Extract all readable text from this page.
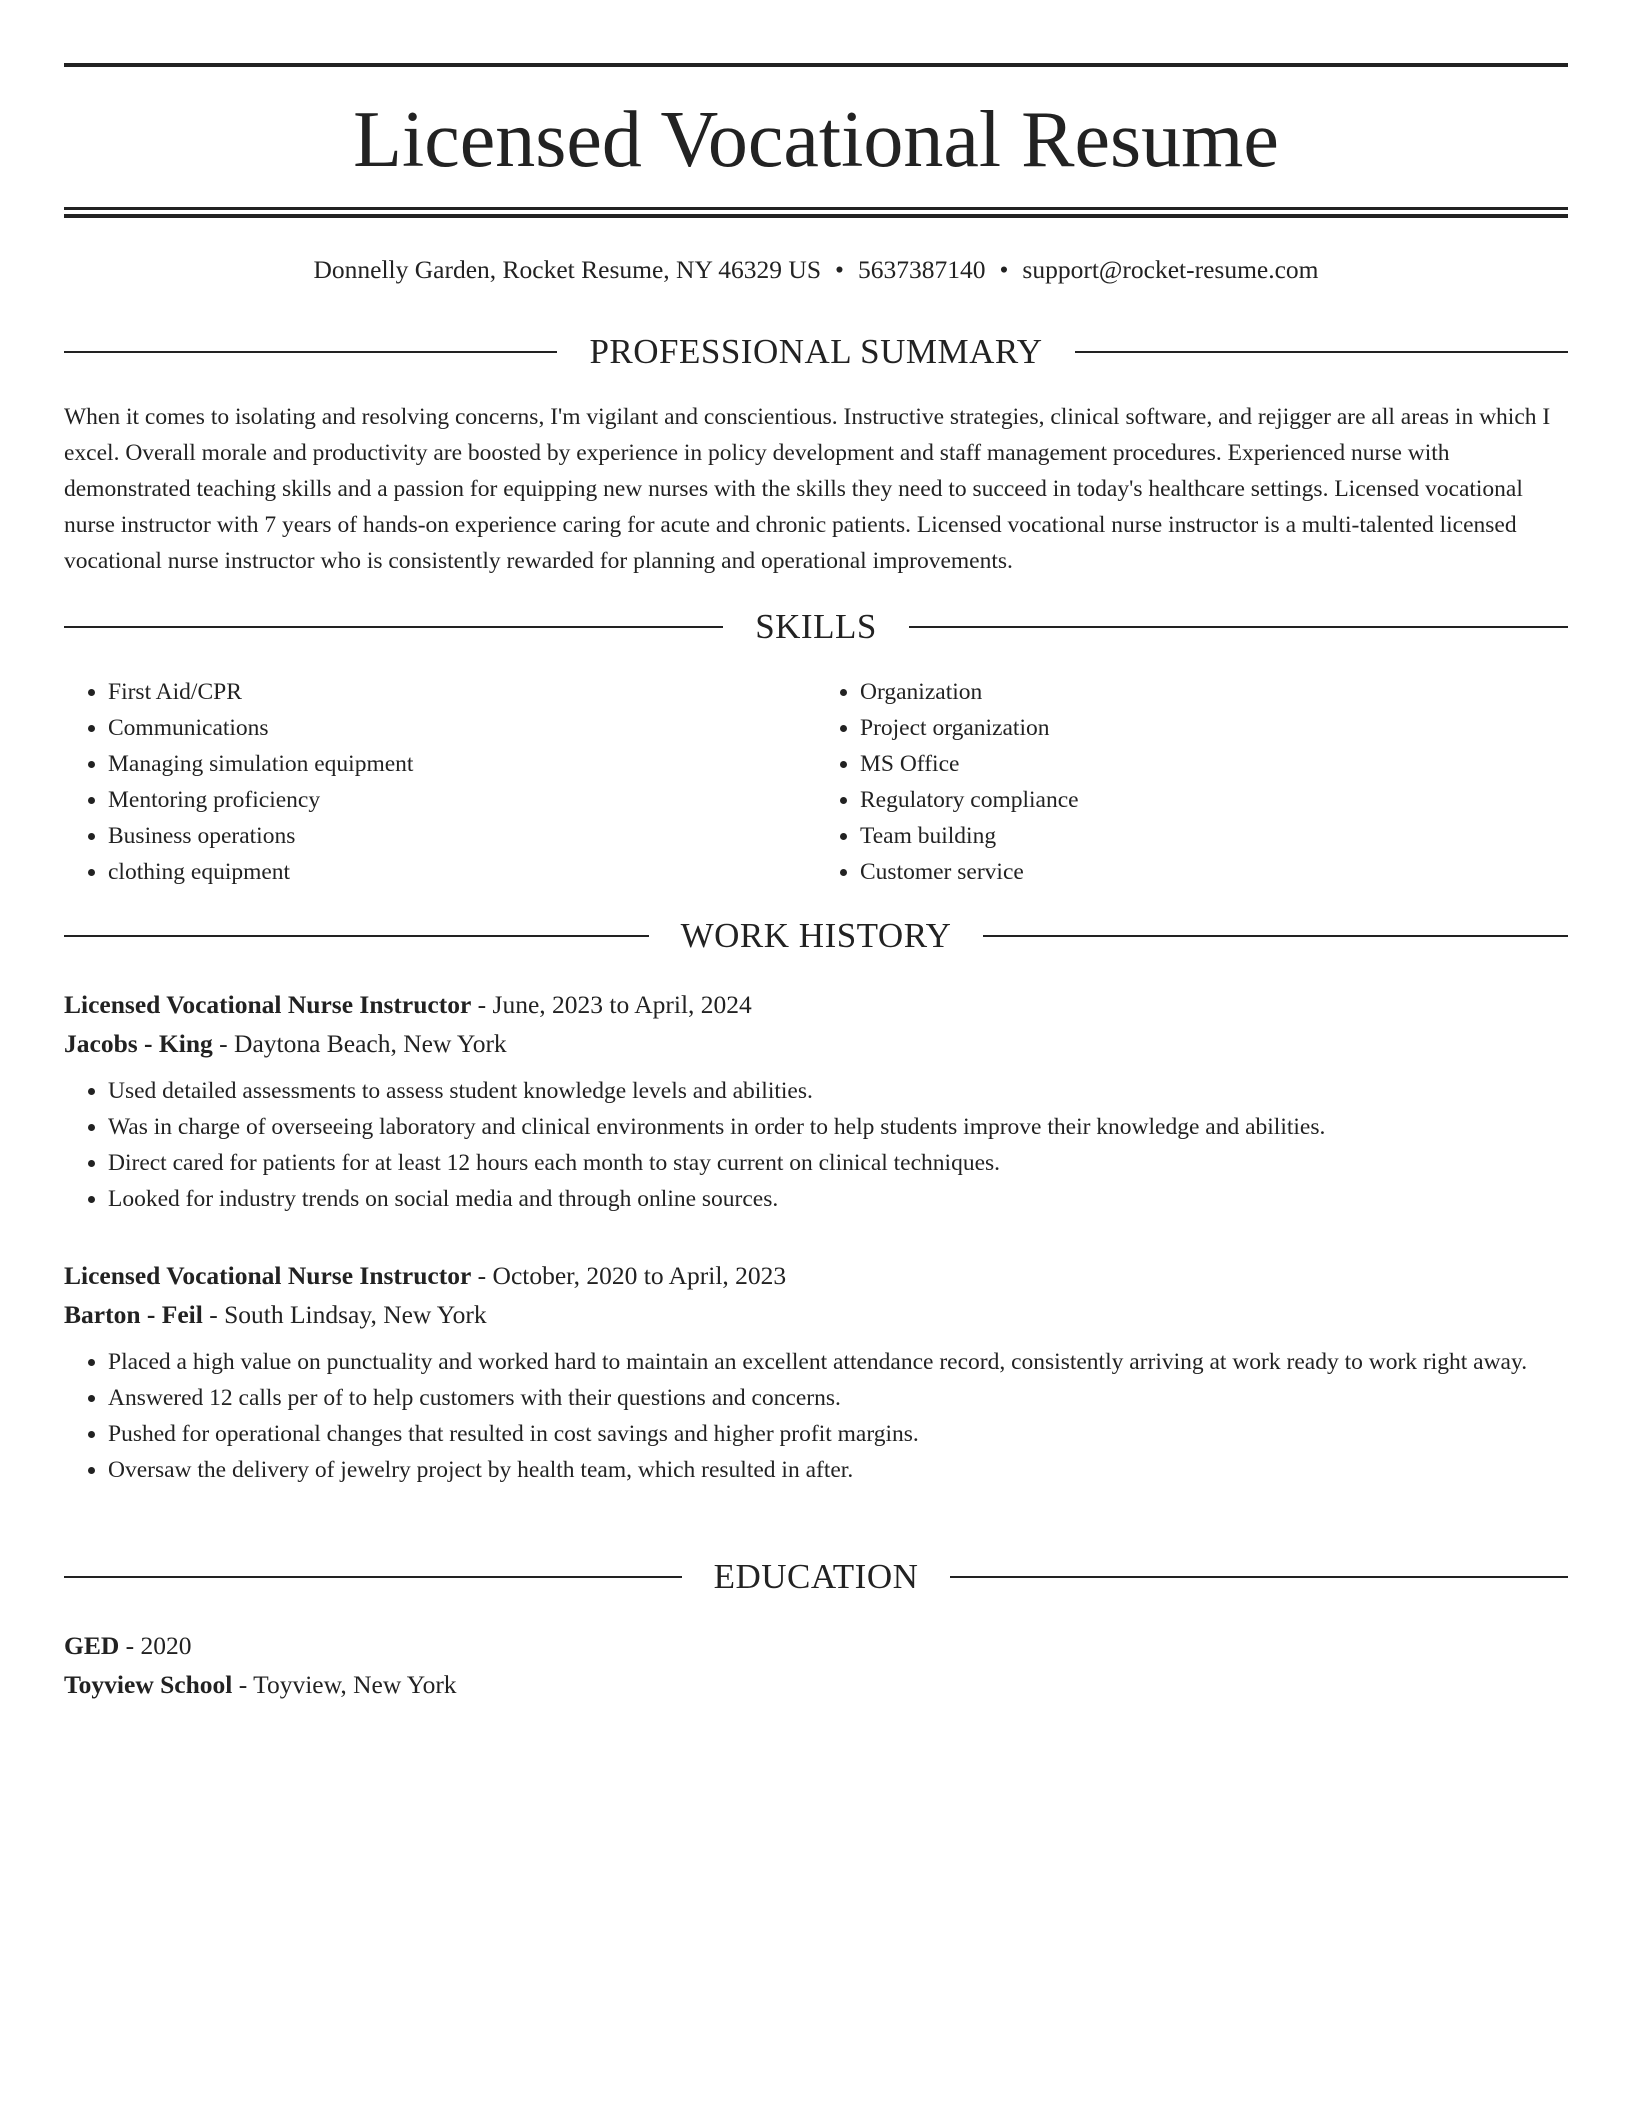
Licensed Vocational Resume
Donnelly Garden, Rocket Resume, NY 46329 US • 5637387140 • support@rocket-resume.com
PROFESSIONAL SUMMARY

When it comes to isolating and resolving concerns, I'm vigilant and conscientious. Instructive strategies, clinical software, and rejigger are all areas in which I excel. Overall morale and productivity are boosted by experience in policy development and staff management procedures. Experienced nurse with demonstrated teaching skills and a passion for equipping new nurses with the skills they need to succeed in today's healthcare settings. Licensed vocational nurse instructor with 7 years of hands-on experience caring for acute and chronic patients. Licensed vocational nurse instructor is a multi-talented licensed vocational nurse instructor who is consistently rewarded for planning and operational improvements.

SKILLS
• First Aid/CPR
• Communications
• Managing simulation equipment
• Mentoring proficiency
• Business operations
• clothing equipment
• Organization
• Project organization
• MS Office
• Regulatory compliance
• Team building
• Customer service
WORK HISTORY
Licensed Vocational Nurse Instructor - June, 2023 to April, 2024
Jacobs - King - Daytona Beach, New York
• Used detailed assessments to assess student knowledge levels and abilities.
• Was in charge of overseeing laboratory and clinical environments in order to help students improve their knowledge and abilities.
• Direct cared for patients for at least 12 hours each month to stay current on clinical techniques.
• Looked for industry trends on social media and through online sources.
Licensed Vocational Nurse Instructor - October, 2020 to April, 2023
Barton - Feil - South Lindsay, New York
• Placed a high value on punctuality and worked hard to maintain an excellent attendance record, consistently arriving at work ready to work right away.
• Answered 12 calls per of to help customers with their questions and concerns.
• Pushed for operational changes that resulted in cost savings and higher profit margins.
• Oversaw the delivery of jewelry project by health team, which resulted in after.
EDUCATION
GED - 2020
Toyview School - Toyview, New York
